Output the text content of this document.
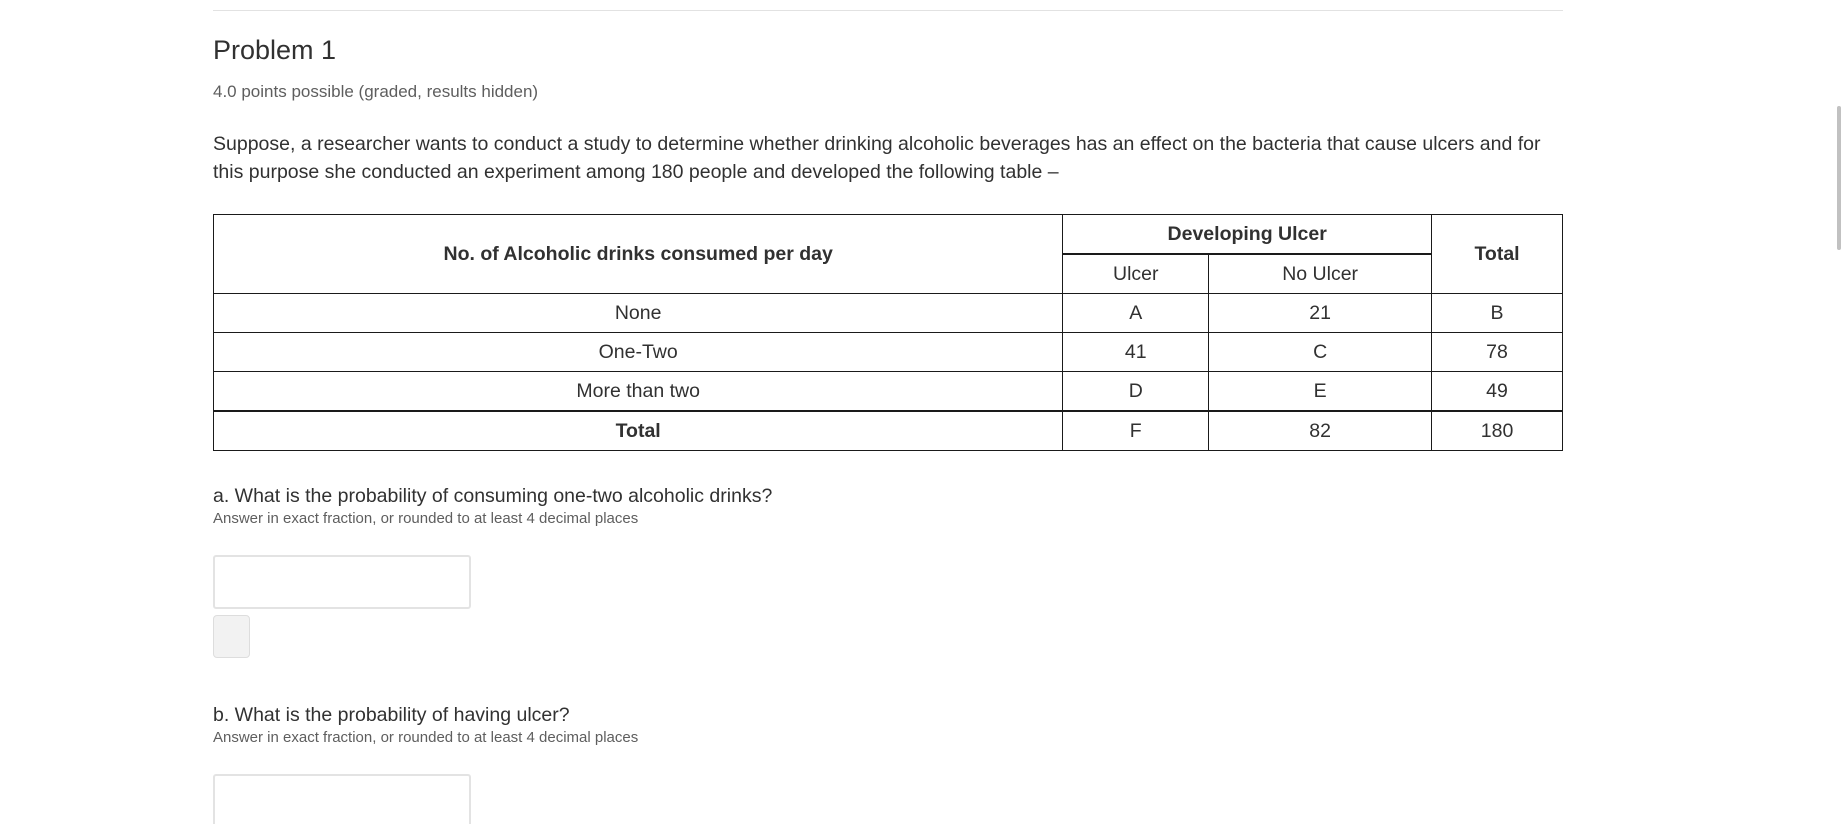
Problem 1
4.0 points possible (graded, results hidden)
Suppose, a researcher wants to conduct a study to determine whether drinking alcoholic beverages has an effect on the bacteria that cause ulcers and for this purpose she conducted an experiment among 180 people and developed the following table –
No. of Alcoholic drinks consumed per day	Developing Ulcer		Total
	Ulcer	No Ulcer	
None	A	21	B
One-Two	41	C	78
More than two	D	E	49
Total	F	82	180
a. What is the probability of consuming one-two alcoholic drinks?
Answer in exact fraction, or rounded to at least 4 decimal places
b. What is the probability of having ulcer?
Answer in exact fraction, or rounded to at least 4 decimal places
